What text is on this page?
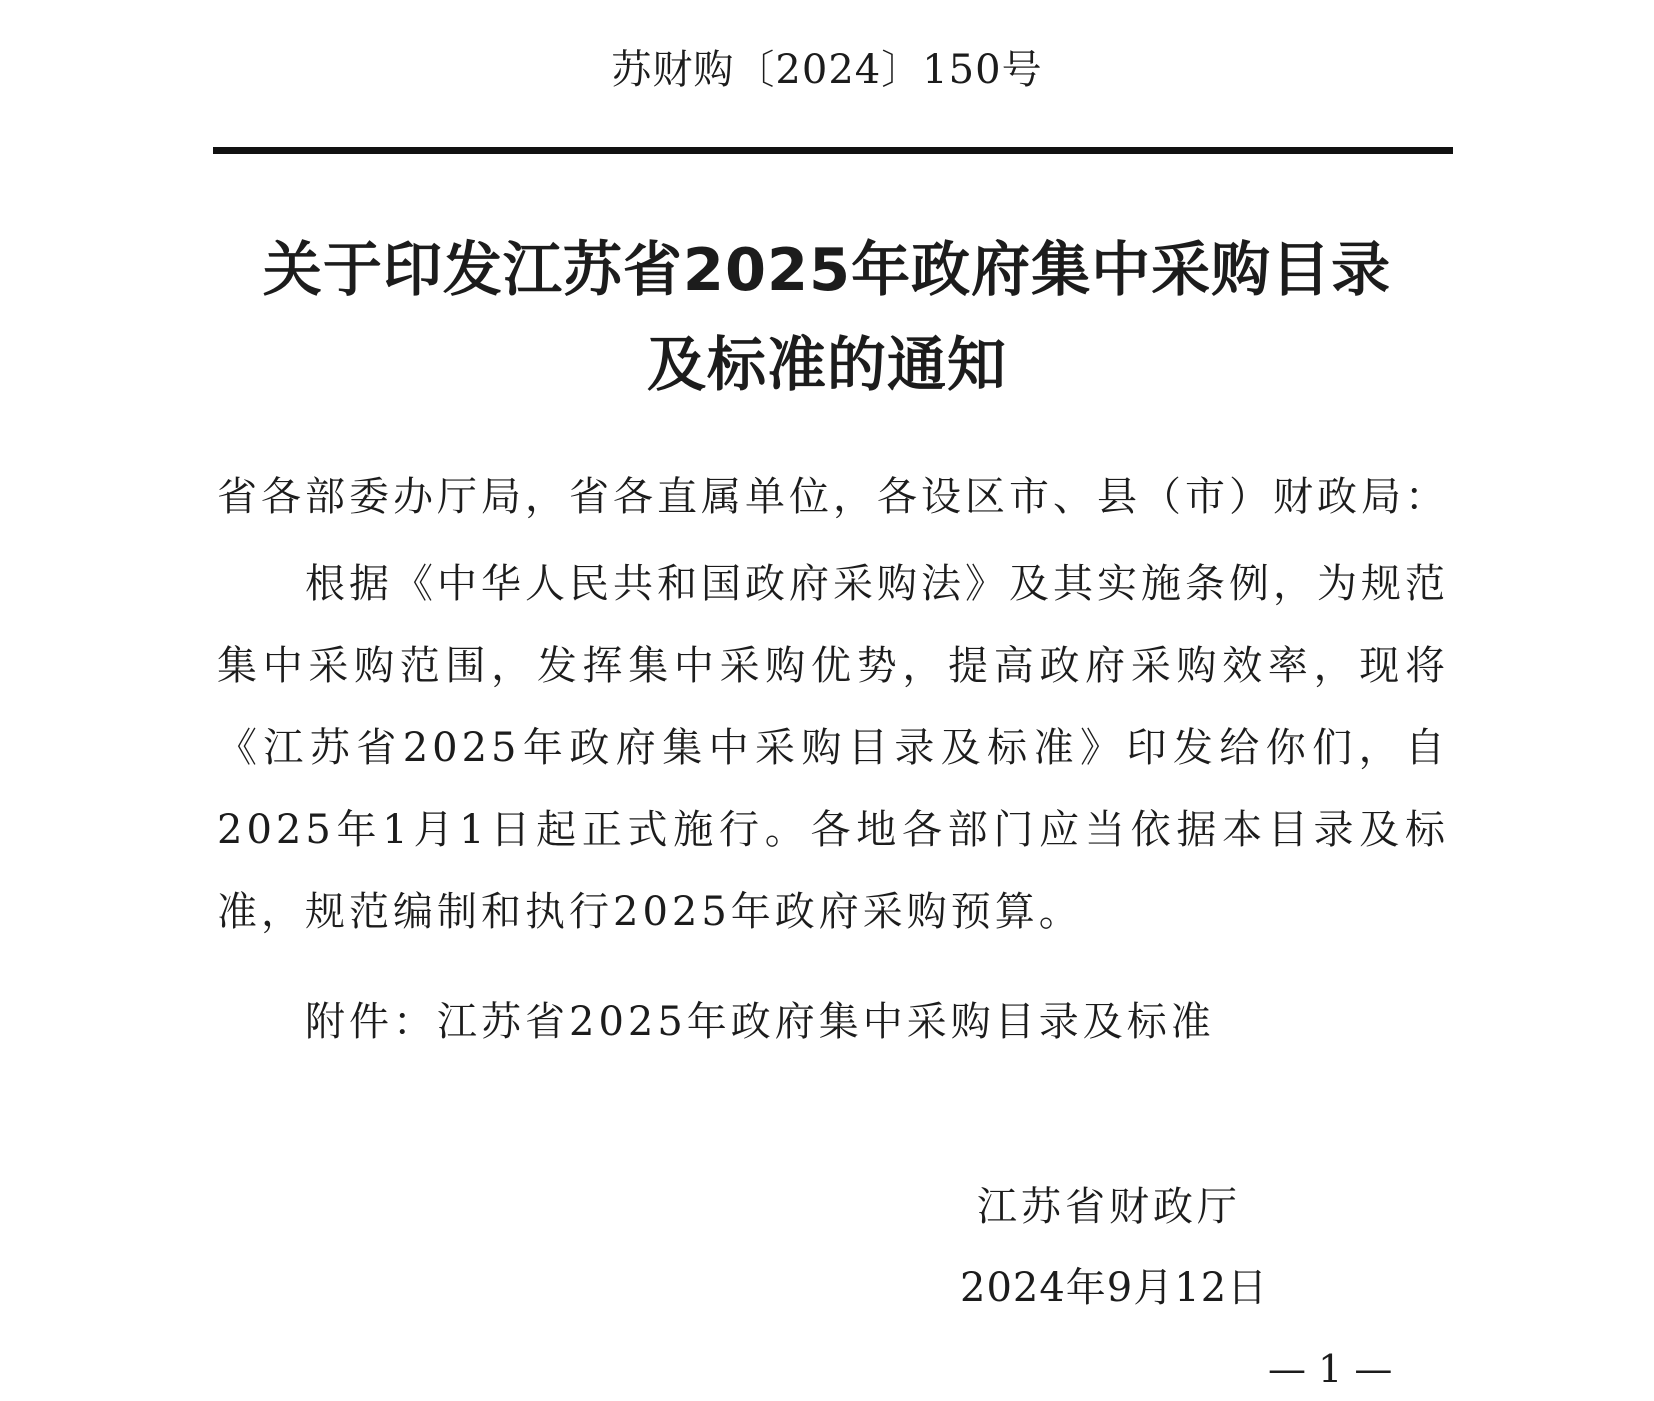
苏财购〔2024〕150号
关于印发江苏省2025年政府集中采购目录
及标准的通知
省各部委办厅局，省各直属单位，各设区市、县（市）财政局：

根据《中华人民共和国政府采购法》及其实施条例，为规范集中采购范围，发挥集中采购优势，提高政府采购效率，现将《江苏省2025年政府集中采购目录及标准》印发给你们，自2025年1月1日起正式施行。各地各部门应当依据本目录及标准，规范编制和执行2025年政府采购预算。

附件：江苏省2025年政府集中采购目录及标准
江苏省财政厅
2024年9月12日
— 1 —
